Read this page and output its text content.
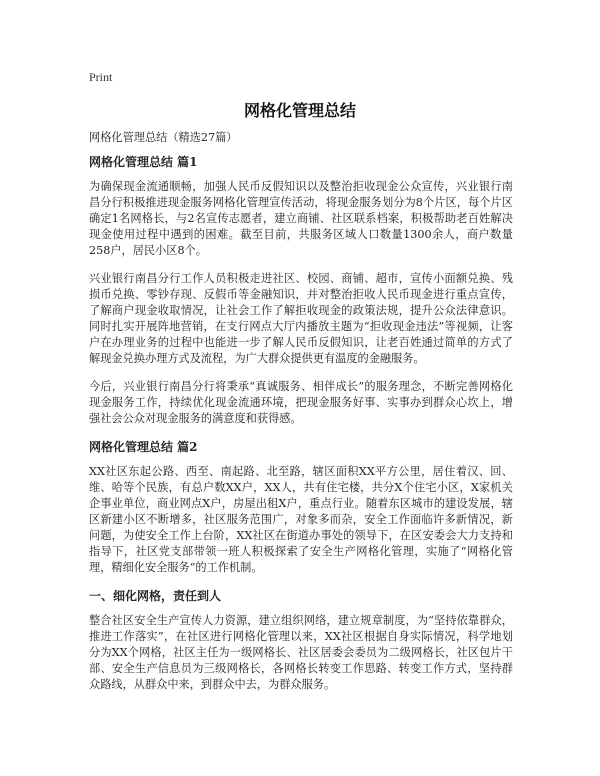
Print
网格化管理总结

网格化管理总结（精选27篇）

网格化管理总结 篇1

为确保现金流通顺畅，加强人民币反假知识以及整治拒收现金公众宣传，兴业银行南昌分行积极推进现金服务网格化管理宣传活动，将现金服务划分为8个片区，每个片区确定1名网格长，与2名宣传志愿者，建立商铺、社区联系档案，积极帮助老百姓解决现金使用过程中遇到的困难。截至目前，共服务区域人口数量1300余人，商户数量258户，居民小区8个。

兴业银行南昌分行工作人员积极走进社区、校园、商铺、超市，宣传小面额兑换、残损币兑换、零钞存现、反假币等金融知识，并对整治拒收人民币现金进行重点宣传，了解商户现金收取情况，让社会工作了解拒收现金的政策法规，提升公众法律意识。同时扎实开展阵地营销，在支行网点大厅内播放主题为“拒收现金违法”等视频，让客户在办理业务的过程中也能进一步了解人民币反假知识，让老百姓通过简单的方式了解现金兑换办理方式及流程，为广大群众提供更有温度的金融服务。

今后，兴业银行南昌分行将秉承“真诚服务、相伴成长”的服务理念，不断完善网格化现金服务工作，持续优化现金流通环境，把现金服务好事、实事办到群众心坎上，增强社会公众对现金服务的满意度和获得感。

网格化管理总结 篇2

XX社区东起公路、西至、南起路、北至路，辖区面积XX平方公里，居住着汉、回、维、哈等个民族，有总户数XX户，XX人，共有住宅楼，共分X个住宅小区，X家机关企事业单位，商业网点X户，房屋出租X户，重点行业。随着东区城市的建设发展，辖区新建小区不断增多，社区服务范围广，对象多而杂，安全工作面临许多新情况，新问题，为使安全工作上台阶，XX社区在街道办事处的领导下，在区安委会大力支持和指导下，社区党支部带领一班人积极探索了安全生产网格化管理，实施了“网格化管理，精细化安全服务”的工作机制。

一、细化网格，责任到人

整合社区安全生产宣传人力资源，建立组织网络，建立规章制度，为“坚持依靠群众，推进工作落实”，在社区进行网格化管理以来，XX社区根据自身实际情况，科学地划分为XX个网格，社区主任为一级网格长、社区居委会委员为二级网格长，社区包片干部、安全生产信息员为三级网格长，各网格长转变工作思路、转变工作方式，坚持群众路线，从群众中来，到群众中去，为群众服务。
